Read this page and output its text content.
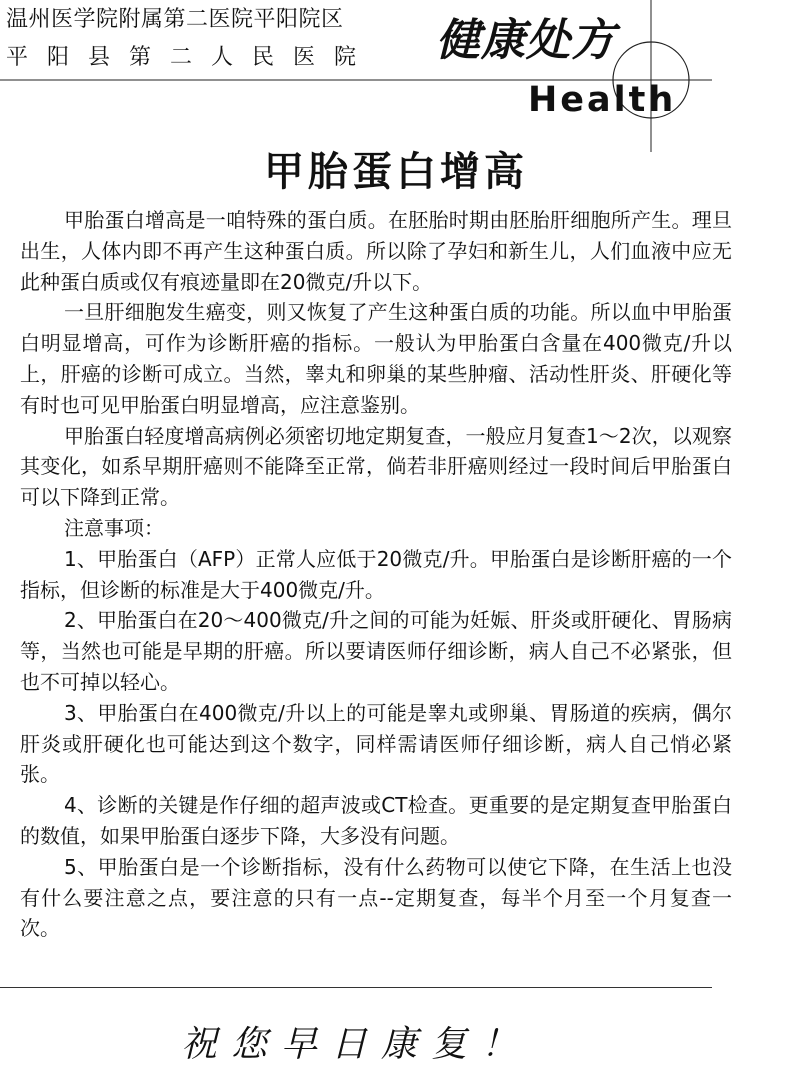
温州医学院附属第二医院平阳院区
平阳县第二人民医院 健康处方
Health
甲胎蛋白增高

甲胎蛋白增高是一咱特殊的蛋白质。在胚胎时期由胚胎肝细胞所产生。理旦出生，人体内即不再产生这种蛋白质。所以除了孕妇和新生儿，人们血液中应无此种蛋白质或仅有痕迹量即在20微克/升以下。

一旦肝细胞发生癌变，则又恢复了产生这种蛋白质的功能。所以血中甲胎蛋白明显增高，可作为诊断肝癌的指标。一般认为甲胎蛋白含量在400微克/升以上，肝癌的诊断可成立。当然，睾丸和卵巢的某些肿瘤、活动性肝炎、肝硬化等有时也可见甲胎蛋白明显增高，应注意鉴别。

甲胎蛋白轻度增高病例必须密切地定期复查，一般应月复查1～2次，以观察其变化，如系早期肝癌则不能降至正常，倘若非肝癌则经过一段时间后甲胎蛋白可以下降到正常。

注意事项：

1、甲胎蛋白（AFP）正常人应低于20微克/升。甲胎蛋白是诊断肝癌的一个指标，但诊断的标准是大于400微克/升。

2、甲胎蛋白在20～400微克/升之间的可能为妊娠、肝炎或肝硬化、胃肠病等，当然也可能是早期的肝癌。所以要请医师仔细诊断，病人自己不必紧张，但也不可掉以轻心。

3、甲胎蛋白在400微克/升以上的可能是睾丸或卵巢、胃肠道的疾病，偶尔肝炎或肝硬化也可能达到这个数字，同样需请医师仔细诊断，病人自己悄必紧张。

4、诊断的关键是作仔细的超声波或CT检查。更重要的是定期复查甲胎蛋白的数值，如果甲胎蛋白逐步下降，大多没有问题。

5、甲胎蛋白是一个诊断指标，没有什么药物可以使它下降，在生活上也没有什么要注意之点，要注意的只有一点--定期复查，每半个月至一个月复查一次。

祝您早日康复！
